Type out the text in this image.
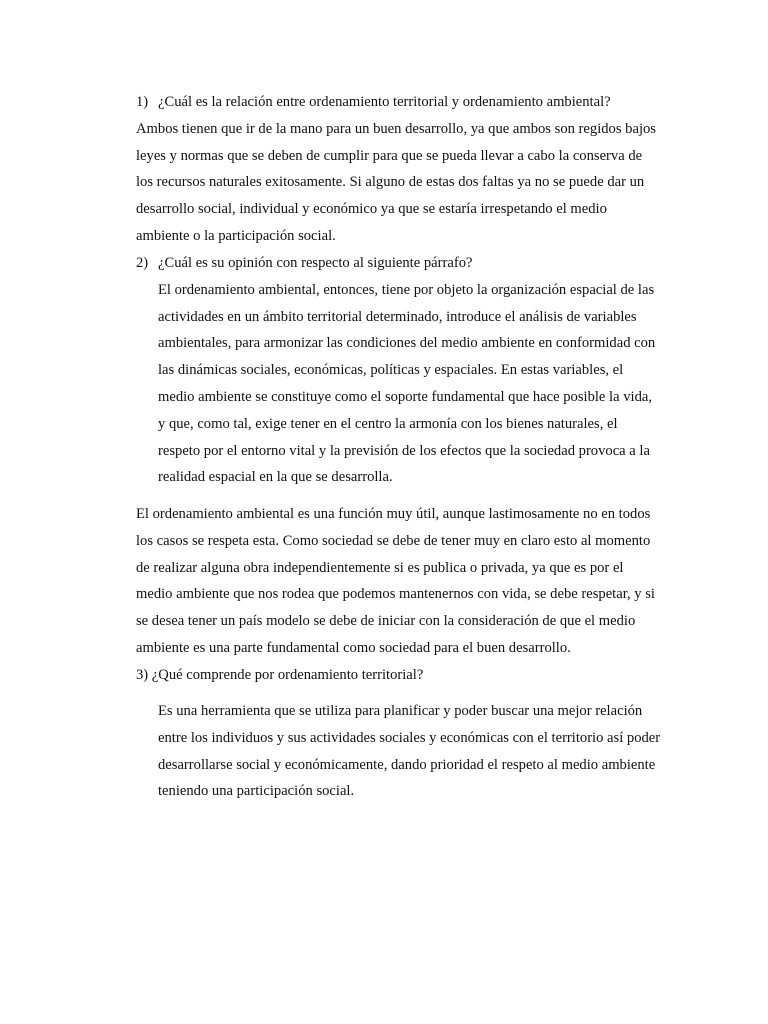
1) ¿Cuál es la relación entre ordenamiento territorial y ordenamiento ambiental?
Ambos tienen que ir de la mano para un buen desarrollo, ya que ambos son regidos bajos
leyes y normas que se deben de cumplir para que se pueda llevar a cabo la conserva de
los recursos naturales exitosamente. Si alguno de estas dos faltas ya no se puede dar un
desarrollo social, individual y económico ya que se estaría irrespetando el medio
ambiente o la participación social.
2) ¿Cuál es su opinión con respecto al siguiente párrafo?
El ordenamiento ambiental, entonces, tiene por objeto la organización espacial de las
actividades en un ámbito territorial determinado, introduce el análisis de variables
ambientales, para armonizar las condiciones del medio ambiente en conformidad con
las dinámicas sociales, económicas, políticas y espaciales. En estas variables, el
medio ambiente se constituye como el soporte fundamental que hace posible la vida,
y que, como tal, exige tener en el centro la armonía con los bienes naturales, el
respeto por el entorno vital y la previsión de los efectos que la sociedad provoca a la
realidad espacial en la que se desarrolla.
El ordenamiento ambiental es una función muy útil, aunque lastimosamente no en todos
los casos se respeta esta. Como sociedad se debe de tener muy en claro esto al momento
de realizar alguna obra independientemente si es publica o privada, ya que es por el
medio ambiente que nos rodea que podemos mantenernos con vida, se debe respetar, y si
se desea tener un país modelo se debe de iniciar con la consideración de que el medio
ambiente es una parte fundamental como sociedad para el buen desarrollo.
3) ¿Qué comprende por ordenamiento territorial?
Es una herramienta que se utiliza para planificar y poder buscar una mejor relación
entre los individuos y sus actividades sociales y económicas con el territorio así poder
desarrollarse social y económicamente, dando prioridad el respeto al medio ambiente
teniendo una participación social.
